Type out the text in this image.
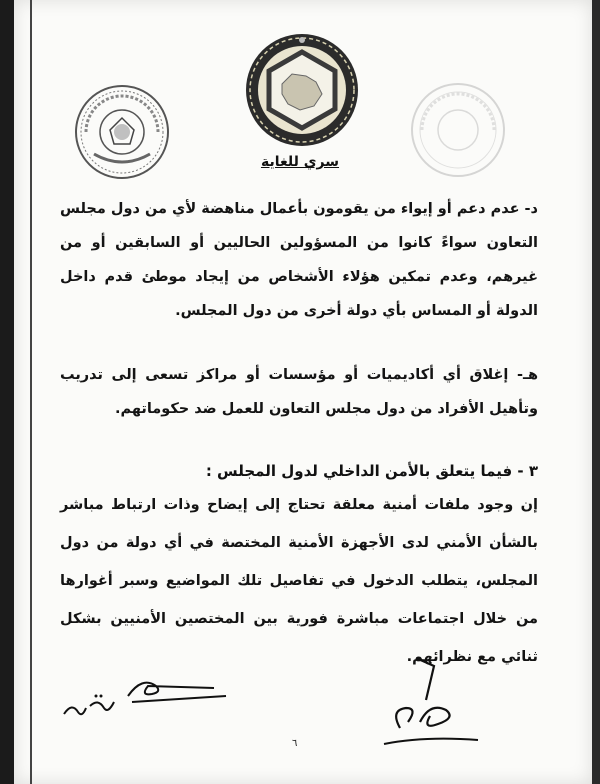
سري للغاية

د- عدم دعم أو إيواء من يقومون بأعمال مناهضة لأي من دول مجلس التعاون سواءً كانوا من المسؤولين الحاليين أو السابقين أو من غيرهم، وعدم تمكين هؤلاء الأشخاص من إيجاد موطئ قدم داخل الدولة أو المساس بأي دولة أخرى من دول المجلس.

هـ- إغلاق أي أكاديميات أو مؤسسات أو مراكز تسعى إلى تدريب وتأهيل الأفراد من دول مجلس التعاون للعمل ضد حكوماتهم.

٣ - فيما يتعلق بالأمن الداخلي لدول المجلس :

إن وجود ملفات أمنية معلقة تحتاج إلى إيضاح وذات ارتباط مباشر بالشأن الأمني لدى الأجهزة الأمنية المختصة في أي دولة من دول المجلس، يتطلب الدخول في تفاصيل تلك المواضيع وسبر أغوارها من خلال اجتماعات مباشرة فورية بين المختصين الأمنيين بشكل ثنائي مع نظرائهم.

٦
